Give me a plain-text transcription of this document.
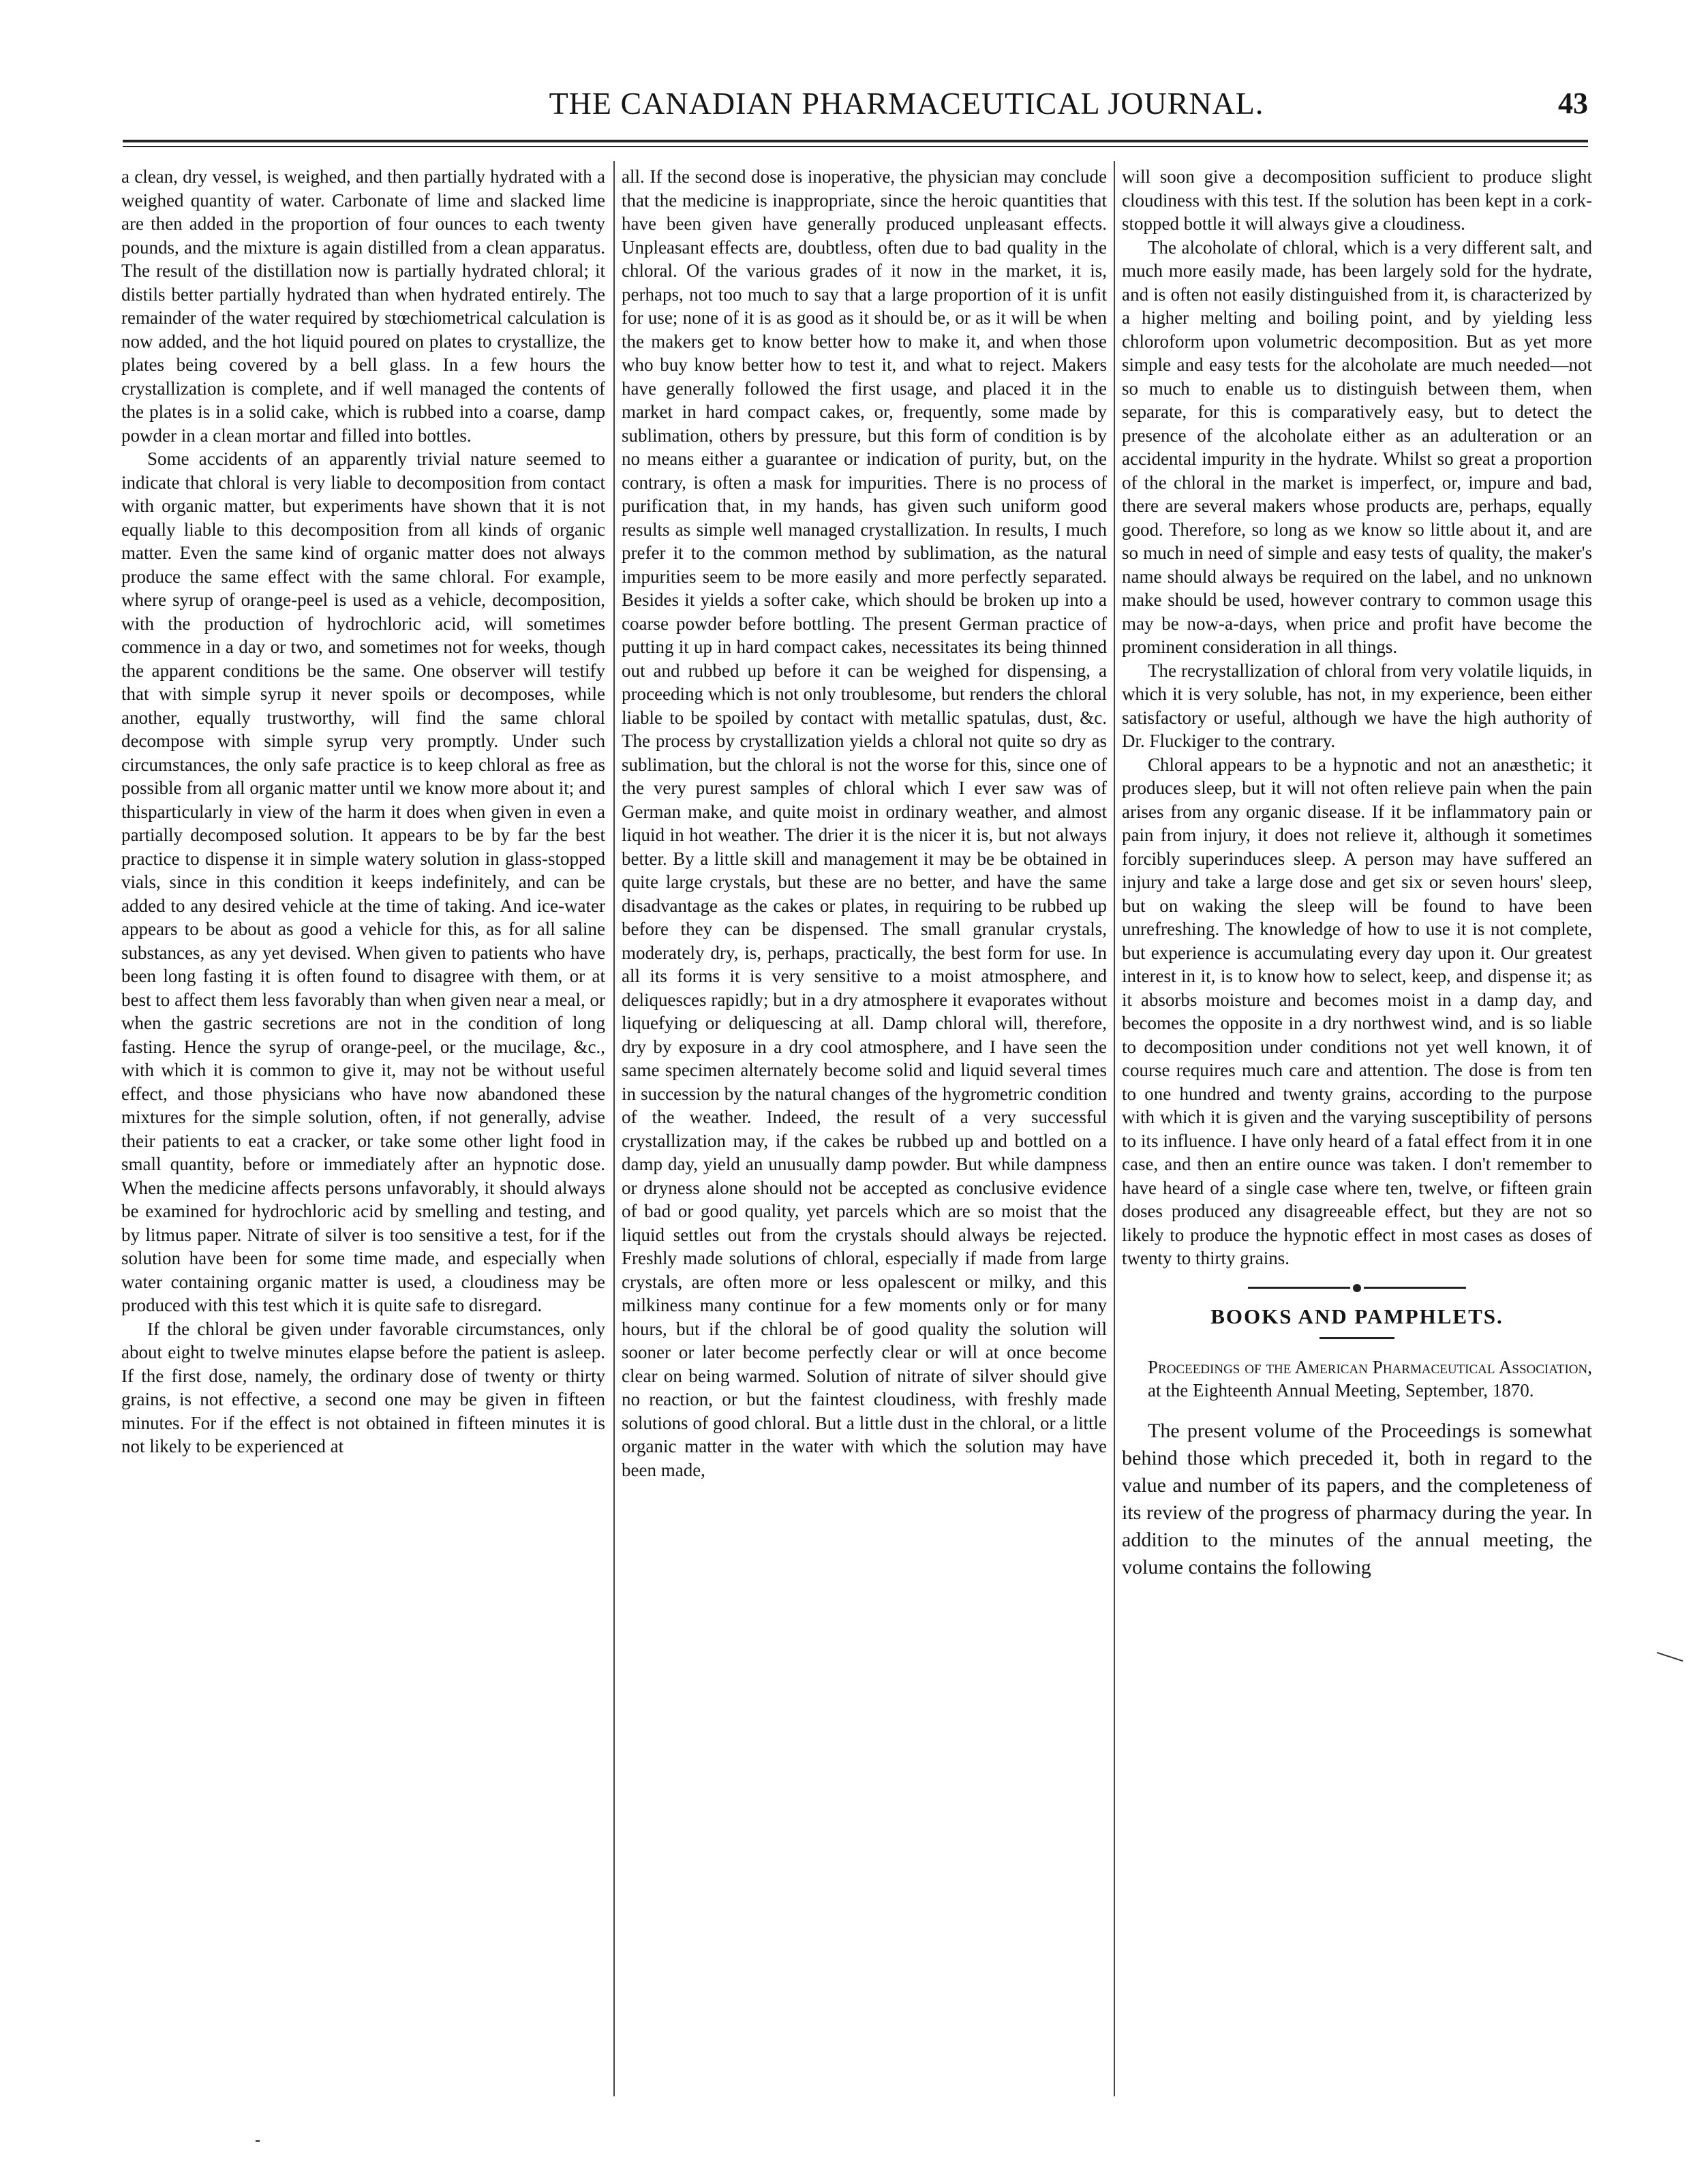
THE CANADIAN PHARMACEUTICAL JOURNAL.	43

a clean, dry vessel, is weighed, and then partially hydrated with a weighed quantity of water. Carbonate of lime and slacked lime are then added in the proportion of four ounces to each twenty pounds, and the mixture is again distilled from a clean apparatus. The result of the distillation now is partially hydrated chloral; it distils better partially hydrated than when hydrated entirely. The remainder of the water required by stœchiometrical calculation is now added, and the hot liquid poured on plates to crystallize, the plates being covered by a bell glass. In a few hours the crystallization is complete, and if well managed the contents of the plates is in a solid cake, which is rubbed into a coarse, damp powder in a clean mortar and filled into bottles.

Some accidents of an apparently trivial nature seemed to indicate that chloral is very liable to decomposition from contact with organic matter, but experiments have shown that it is not equally liable to this decomposition from all kinds of organic matter. Even the same kind of organic matter does not always produce the same effect with the same chloral. For example, where syrup of orange-peel is used as a vehicle, decomposition, with the production of hydrochloric acid, will sometimes commence in a day or two, and sometimes not for weeks, though the apparent conditions be the same. One observer will testify that with simple syrup it never spoils or decomposes, while another, equally trustworthy, will find the same chloral decompose with simple syrup very promptly. Under such circumstances, the only safe practice is to keep chloral as free as possible from all organic matter until we know more about it; and thisparticularly in view of the harm it does when given in even a partially decomposed solution. It appears to be by far the best practice to dispense it in simple watery solution in glass-stopped vials, since in this condition it keeps indefinitely, and can be added to any desired vehicle at the time of taking. And ice-water appears to be about as good a vehicle for this, as for all saline substances, as any yet devised. When given to patients who have been long fasting it is often found to disagree with them, or at best to affect them less favorably than when given near a meal, or when the gastric secretions are not in the condition of long fasting. Hence the syrup of orange-peel, or the mucilage, &c., with which it is common to give it, may not be without useful effect, and those physicians who have now abandoned these mixtures for the simple solution, often, if not generally, advise their patients to eat a cracker, or take some other light food in small quantity, before or immediately after an hypnotic dose. When the medicine affects persons unfavorably, it should always be examined for hydrochloric acid by smelling and testing, and by litmus paper. Nitrate of silver is too sensitive a test, for if the solution have been for some time made, and especially when water containing organic matter is used, a cloudiness may be produced with this test which it is quite safe to disregard.

If the chloral be given under favorable circumstances, only about eight to twelve minutes elapse before the patient is asleep. If the first dose, namely, the ordinary dose of twenty or thirty grains, is not effective, a second one may be given in fifteen minutes. For if the effect is not obtained in fifteen minutes it is not likely to be experienced at

all. If the second dose is inoperative, the physician may conclude that the medicine is inappropriate, since the heroic quantities that have been given have generally produced unpleasant effects. Unpleasant effects are, doubtless, often due to bad quality in the chloral. Of the various grades of it now in the market, it is, perhaps, not too much to say that a large proportion of it is unfit for use; none of it is as good as it should be, or as it will be when the makers get to know better how to make it, and when those who buy know better how to test it, and what to reject. Makers have generally followed the first usage, and placed it in the market in hard compact cakes, or, frequently, some made by sublimation, others by pressure, but this form of condition is by no means either a guarantee or indication of purity, but, on the contrary, is often a mask for impurities. There is no process of purification that, in my hands, has given such uniform good results as simple well managed crystallization. In results, I much prefer it to the common method by sublimation, as the natural impurities seem to be more easily and more perfectly separated. Besides it yields a softer cake, which should be broken up into a coarse powder before bottling. The present German practice of putting it up in hard compact cakes, necessitates its being thinned out and rubbed up before it can be weighed for dispensing, a proceeding which is not only troublesome, but renders the chloral liable to be spoiled by contact with metallic spatulas, dust, &c. The process by crystallization yields a chloral not quite so dry as sublimation, but the chloral is not the worse for this, since one of the very purest samples of chloral which I ever saw was of German make, and quite moist in ordinary weather, and almost liquid in hot weather. The drier it is the nicer it is, but not always better. By a little skill and management it may be be obtained in quite large crystals, but these are no better, and have the same disadvantage as the cakes or plates, in requiring to be rubbed up before they can be dispensed. The small granular crystals, moderately dry, is, perhaps, practically, the best form for use. In all its forms it is very sensitive to a moist atmosphere, and deliquesces rapidly; but in a dry atmosphere it evaporates without liquefying or deliquescing at all. Damp chloral will, therefore, dry by exposure in a dry cool atmosphere, and I have seen the same specimen alternately become solid and liquid several times in succession by the natural changes of the hygrometric condition of the weather. Indeed, the result of a very successful crystallization may, if the cakes be rubbed up and bottled on a damp day, yield an unusually damp powder. But while dampness or dryness alone should not be accepted as conclusive evidence of bad or good quality, yet parcels which are so moist that the liquid settles out from the crystals should always be rejected. Freshly made solutions of chloral, especially if made from large crystals, are often more or less opalescent or milky, and this milkiness many continue for a few moments only or for many hours, but if the chloral be of good quality the solution will sooner or later become perfectly clear or will at once become clear on being warmed. Solution of nitrate of silver should give no reaction, or but the faintest cloudiness, with freshly made solutions of good chloral. But a little dust in the chloral, or a little organic matter in the water with which the solution may have been made,

will soon give a decomposition sufficient to produce slight cloudiness with this test. If the solution has been kept in a cork-stopped bottle it will always give a cloudiness.

The alcoholate of chloral, which is a very different salt, and much more easily made, has been largely sold for the hydrate, and is often not easily distinguished from it, is characterized by a higher melting and boiling point, and by yielding less chloroform upon volumetric decomposition. But as yet more simple and easy tests for the alcoholate are much needed—not so much to enable us to distinguish between them, when separate, for this is comparatively easy, but to detect the presence of the alcoholate either as an adulteration or an accidental impurity in the hydrate. Whilst so great a proportion of the chloral in the market is imperfect, or, impure and bad, there are several makers whose products are, perhaps, equally good. Therefore, so long as we know so little about it, and are so much in need of simple and easy tests of quality, the maker's name should always be required on the label, and no unknown make should be used, however contrary to common usage this may be now-a-days, when price and profit have become the prominent consideration in all things.

The recrystallization of chloral from very volatile liquids, in which it is very soluble, has not, in my experience, been either satisfactory or useful, although we have the high authority of Dr. Fluckiger to the contrary.

Chloral appears to be a hypnotic and not an anæsthetic; it produces sleep, but it will not often relieve pain when the pain arises from any organic disease. If it be inflammatory pain or pain from injury, it does not relieve it, although it sometimes forcibly superinduces sleep. A person may have suffered an injury and take a large dose and get six or seven hours' sleep, but on waking the sleep will be found to have been unrefreshing. The knowledge of how to use it is not complete, but experience is accumulating every day upon it. Our greatest interest in it, is to know how to select, keep, and dispense it; as it absorbs moisture and becomes moist in a damp day, and becomes the opposite in a dry northwest wind, and is so liable to decomposition under conditions not yet well known, it of course requires much care and attention. The dose is from ten to one hundred and twenty grains, according to the purpose with which it is given and the varying susceptibility of persons to its influence. I have only heard of a fatal effect from it in one case, and then an entire ounce was taken. I don't remember to have heard of a single case where ten, twelve, or fifteen grain doses produced any disagreeable effect, but they are not so likely to produce the hypnotic effect in most cases as doses of twenty to thirty grains.

BOOKS AND PAMPHLETS.

Proceedings of the American Pharmaceutical Association, at the Eighteenth Annual Meeting, September, 1870.

The present volume of the Proceedings is somewhat behind those which preceded it, both in regard to the value and number of its papers, and the completeness of its review of the progress of pharmacy during the year. In addition to the minutes of the annual meeting, the volume contains the following
